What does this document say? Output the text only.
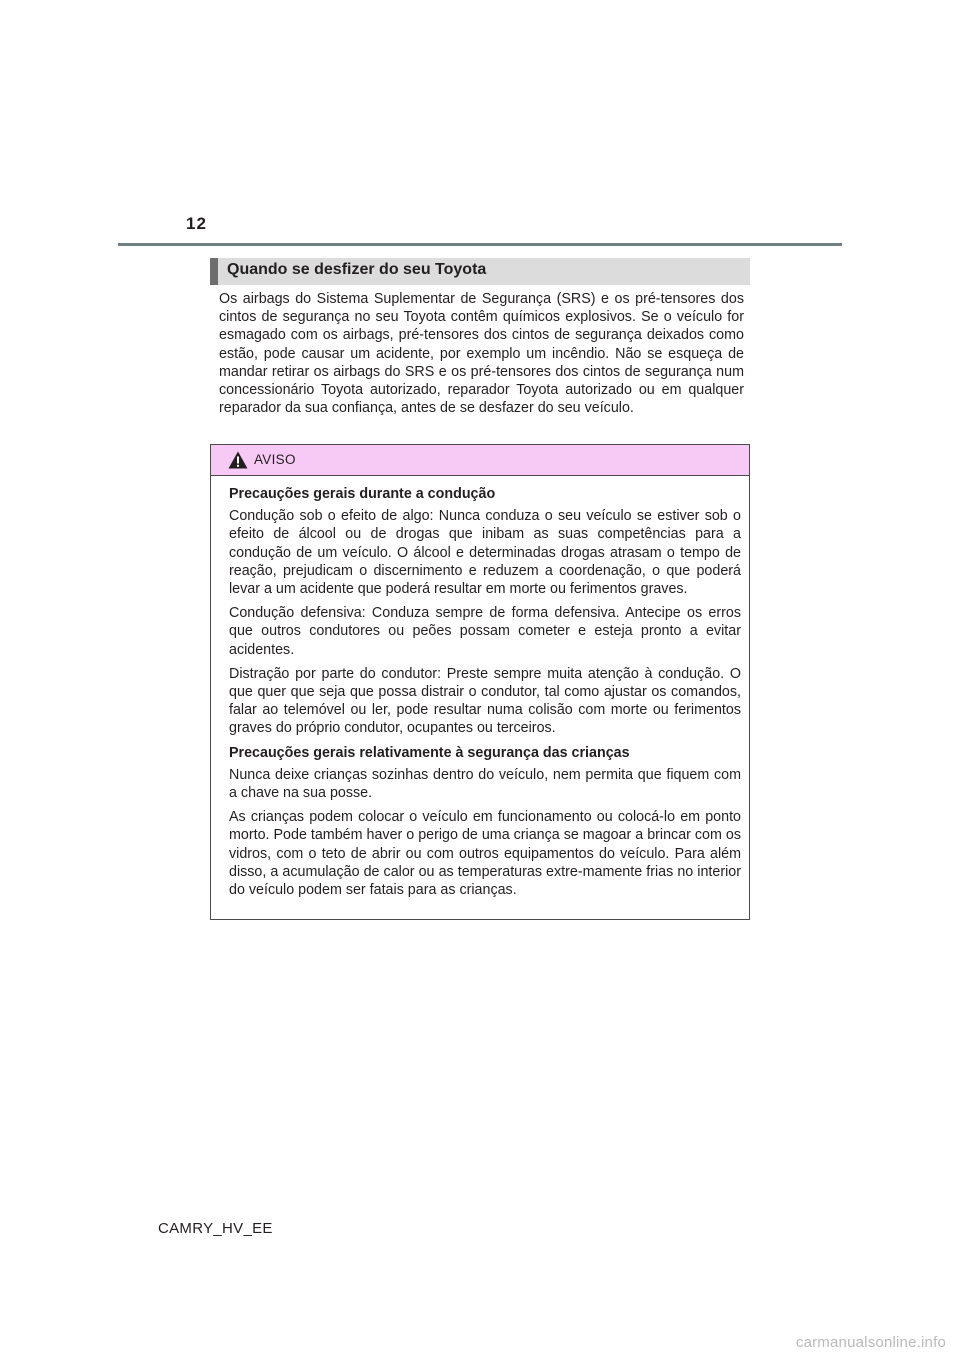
12
Quando se desfizer do seu Toyota

Os airbags do Sistema Suplementar de Segurança (SRS) e os pré-tensores dos cintos de segurança no seu Toyota contêm químicos explosivos. Se o veículo for esmagado com os airbags, pré-tensores dos cintos de segurança deixados como estão, pode causar um acidente, por exemplo um incêndio. Não se esqueça de mandar retirar os airbags do SRS e os pré-tensores dos cintos de segurança num concessionário Toyota autorizado, reparador Toyota autorizado ou em qualquer reparador da sua confiança, antes de se desfazer do seu veículo.

AVISO

Precauções gerais durante a condução

Condução sob o efeito de algo: Nunca conduza o seu veículo se estiver sob o efeito de álcool ou de drogas que inibam as suas competências para a condução de um veículo. O álcool e determinadas drogas atrasam o tempo de reação, prejudicam o discernimento e reduzem a coordenação, o que poderá levar a um acidente que poderá resultar em morte ou ferimentos graves.

Condução defensiva: Conduza sempre de forma defensiva. Antecipe os erros que outros condutores ou peões possam cometer e esteja pronto a evitar acidentes.

Distração por parte do condutor: Preste sempre muita atenção à condução. O que quer que seja que possa distrair o condutor, tal como ajustar os comandos, falar ao telemóvel ou ler, pode resultar numa colisão com morte ou ferimentos graves do próprio condutor, ocupantes ou terceiros.

Precauções gerais relativamente à segurança das crianças

Nunca deixe crianças sozinhas dentro do veículo, nem permita que fiquem com a chave na sua posse.

As crianças podem colocar o veículo em funcionamento ou colocá-lo em ponto morto. Pode também haver o perigo de uma criança se magoar a brincar com os vidros, com o teto de abrir ou com outros equipamentos do veículo. Para além disso, a acumulação de calor ou as temperaturas extre-mamente frias no interior do veículo podem ser fatais para as crianças.

CAMRY_HV_EE
carmanualsonline.info
